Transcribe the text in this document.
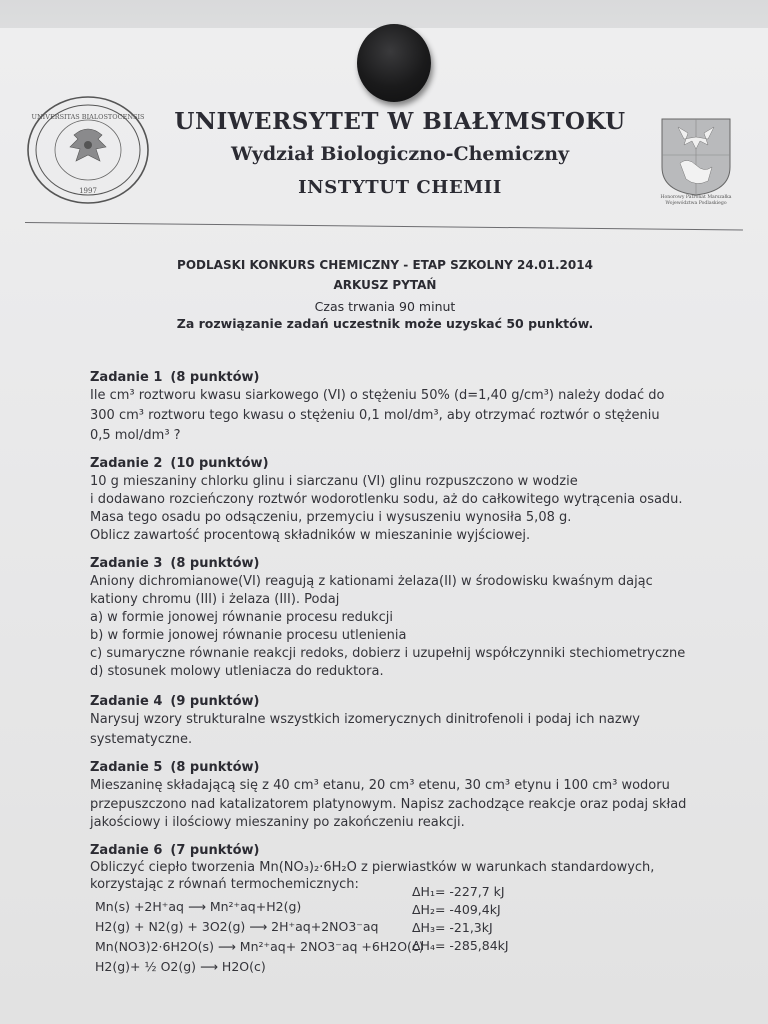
UNIVERSITAS BIALOSTOCENSIS
1997
Honorowy Patronat Marszałka Województwa Podlaskiego
UNIWERSYTET W BIAŁYMSTOKU
Wydział Biologiczno-Chemiczny
INSTYTUT CHEMII
PODLASKI KONKURS CHEMICZNY - ETAP SZKOLNY 24.01.2014
ARKUSZ PYTAŃ
Czas trwania 90 minut
Za rozwiązanie zadań uczestnik może uzyskać 50 punktów.
Zadanie 1 (8 punktów)
Ile cm³ roztworu kwasu siarkowego (VI) o stężeniu 50% (d=1,40 g/cm³) należy dodać do
300 cm³ roztworu tego kwasu o stężeniu 0,1 mol/dm³, aby otrzymać roztwór o stężeniu
0,5 mol/dm³ ?
Zadanie 2 (10 punktów)
10 g mieszaniny chlorku glinu i siarczanu (VI) glinu rozpuszczono w wodzie
i dodawano rozcieńczony roztwór wodorotlenku sodu, aż do całkowitego wytrącenia osadu.
Masa tego osadu po odsączeniu, przemyciu i wysuszeniu wynosiła 5,08 g.
Oblicz zawartość procentową składników w mieszaninie wyjściowej.
Zadanie 3 (8 punktów)
Aniony dichromianowe(VI) reagują z kationami żelaza(II) w środowisku kwaśnym dając
kationy chromu (III) i żelaza (III). Podaj
a) w formie jonowej równanie procesu redukcji
b) w formie jonowej równanie procesu utlenienia
c) sumaryczne równanie reakcji redoks, dobierz i uzupełnij współczynniki stechiometryczne
d) stosunek molowy utleniacza do reduktora.
Zadanie 4 (9 punktów)
Narysuj wzory strukturalne wszystkich izomerycznych dinitrofenoli i podaj ich nazwy
systematyczne.
Zadanie 5 (8 punktów)
Mieszaninę składającą się z 40 cm³ etanu, 20 cm³ etenu, 30 cm³ etynu i 100 cm³ wodoru
przepuszczono nad katalizatorem platynowym. Napisz zachodzące reakcje oraz podaj skład
jakościowy i ilościowy mieszaniny po zakończeniu reakcji.
Zadanie 6 (7 punktów)
Obliczyć ciepło tworzenia Mn(NO₃)₂·6H₂O z pierwiastków w warunkach standardowych,
korzystając z równań termochemicznych:
Mn(s) +2H⁺aq ⟶ Mn²⁺aq+H2(g)
H2(g) + N2(g) + 3O2(g) ⟶ 2H⁺aq+2NO3⁻aq
Mn(NO3)2·6H2O(s) ⟶ Mn²⁺aq+ 2NO3⁻aq +6H2O(c)
H2(g)+ ½ O2(g) ⟶ H2O(c)
ΔH₁= -227,7 kJ
ΔH₂= -409,4kJ
ΔH₃= -21,3kJ
ΔH₄= -285,84kJ
